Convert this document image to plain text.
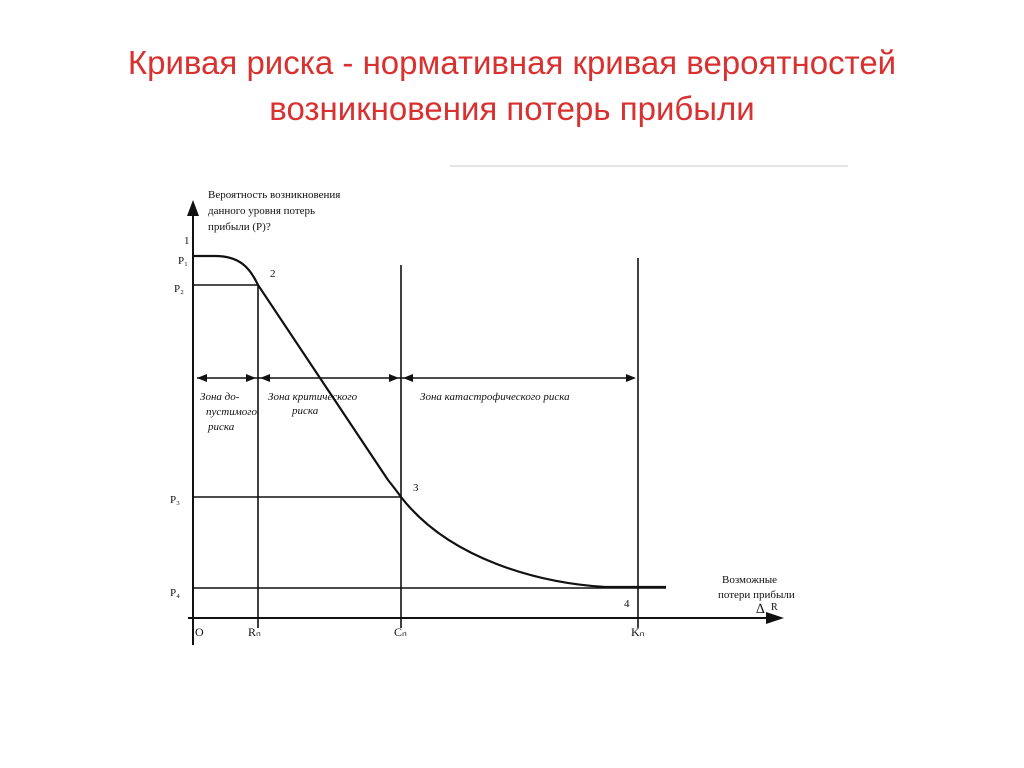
Кривая риска - нормативная кривая вероятностей
возникновения потерь прибыли
Вероятность возникновения
данного уровня потерь
прибыли (P)?
1
P₁
P₂
P₃
P₄
O	Rₙ	Cₙ	Kₙ
2
3
4
Зона до-
пустимого
риска
Зона критического
риска
Зона катастрофического риска
Возможные
потери прибыли
∆ R
